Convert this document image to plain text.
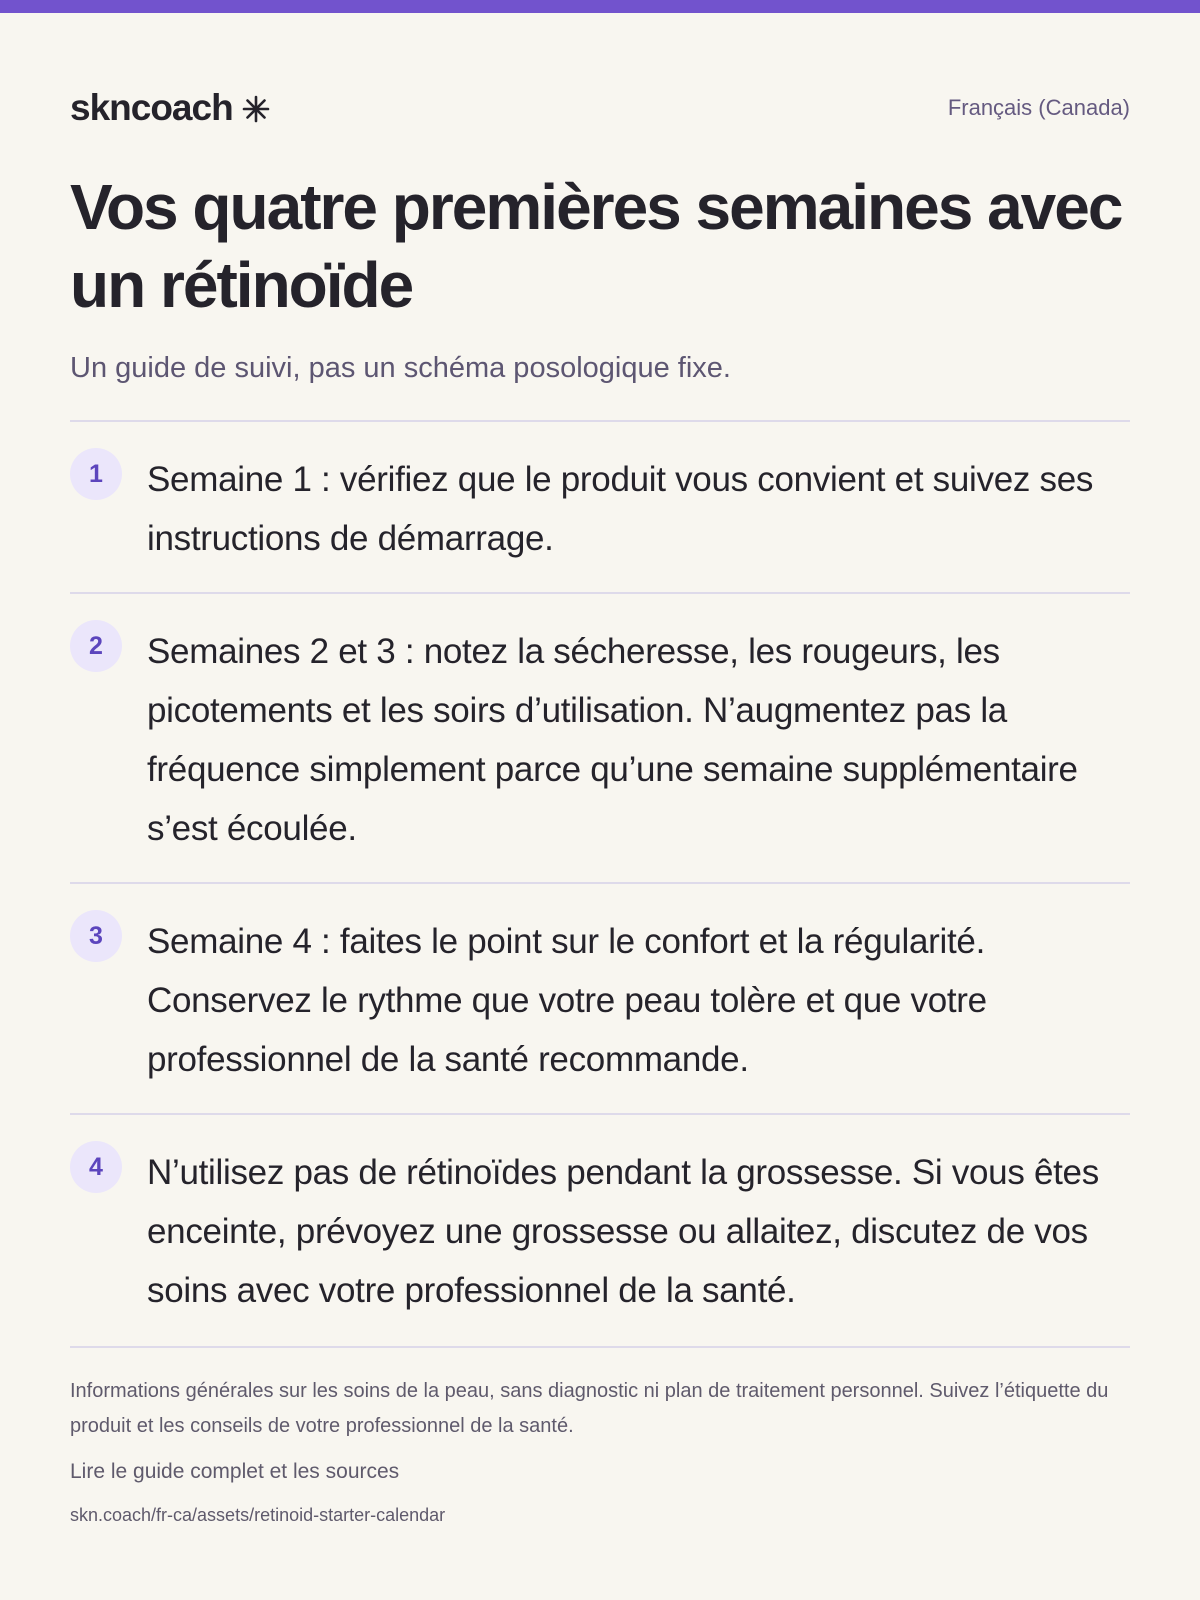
skncoach	Français (Canada)
Vos quatre premières semaines avec un rétinoïde

Un guide de suivi, pas un schéma posologique fixe.

1	Semaine 1 : vérifiez que le produit vous convient et suivez ses instructions de démarrage.

2	Semaines 2 et 3 : notez la sécheresse, les rougeurs, les picotements et les soirs d’utilisation. N’augmentez pas la fréquence simplement parce qu’une semaine supplémentaire s’est écoulée.

3	Semaine 4 : faites le point sur le confort et la régularité. Conservez le rythme que votre peau tolère et que votre professionnel de la santé recommande.

4	N’utilisez pas de rétinoïdes pendant la grossesse. Si vous êtes enceinte, prévoyez une grossesse ou allaitez, discutez de vos soins avec votre professionnel de la santé.

Informations générales sur les soins de la peau, sans diagnostic ni plan de traitement personnel. Suivez l’étiquette du produit et les conseils de votre professionnel de la santé.

Lire le guide complet et les sources
skn.coach/fr-ca/assets/retinoid-starter-calendar
